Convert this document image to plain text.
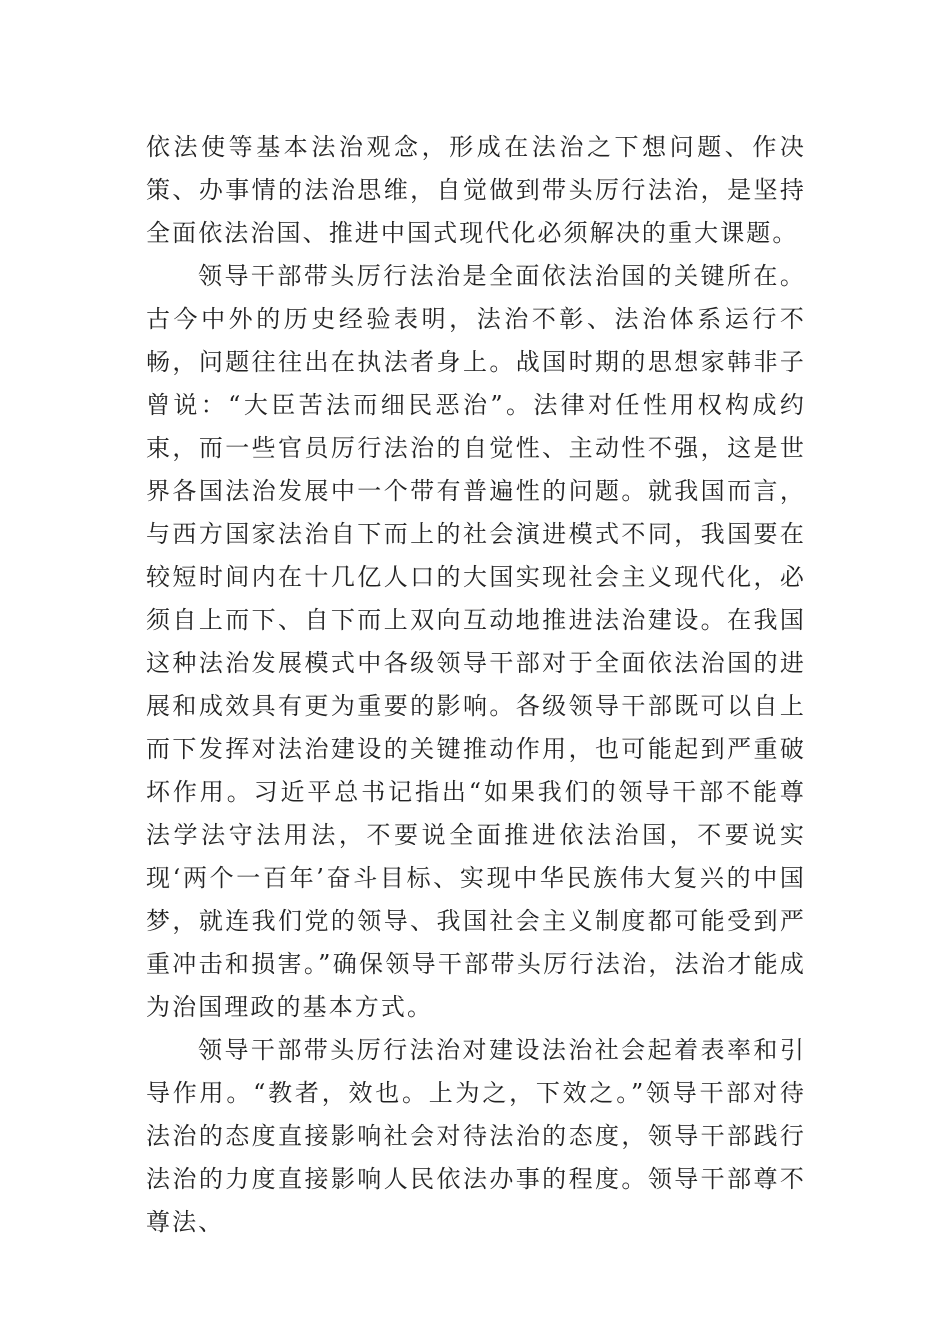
依法使等基本法治观念，形成在法治之下想问题、作决策、办事情的法治思维，自觉做到带头厉行法治，是坚持全面依法治国、推进中国式现代化必须解决的重大课题。

领导干部带头厉行法治是全面依法治国的关键所在。古今中外的历史经验表明，法治不彰、法治体系运行不畅，问题往往出在执法者身上。战国时期的思想家韩非子曾说：“大臣苦法而细民恶治”。法律对任性用权构成约束，而一些官员厉行法治的自觉性、主动性不强，这是世界各国法治发展中一个带有普遍性的问题。就我国而言，与西方国家法治自下而上的社会演进模式不同，我国要在较短时间内在十几亿人口的大国实现社会主义现代化，必须自上而下、自下而上双向互动地推进法治建设。在我国这种法治发展模式中各级领导干部对于全面依法治国的进展和成效具有更为重要的影响。各级领导干部既可以自上而下发挥对法治建设的关键推动作用，也可能起到严重破坏作用。习近平总书记指出“如果我们的领导干部不能尊法学法守法用法，不要说全面推进依法治国，不要说实现‘两个一百年’奋斗目标、实现中华民族伟大复兴的中国梦，就连我们党的领导、我国社会主义制度都可能受到严重冲击和损害。”确保领导干部带头厉行法治，法治才能成为治国理政的基本方式。

领导干部带头厉行法治对建设法治社会起着表率和引导作用。“教者，效也。上为之，下效之。”领导干部对待法治的态度直接影响社会对待法治的态度，领导干部践行法治的力度直接影响人民依法办事的程度。领导干部尊不尊法、
